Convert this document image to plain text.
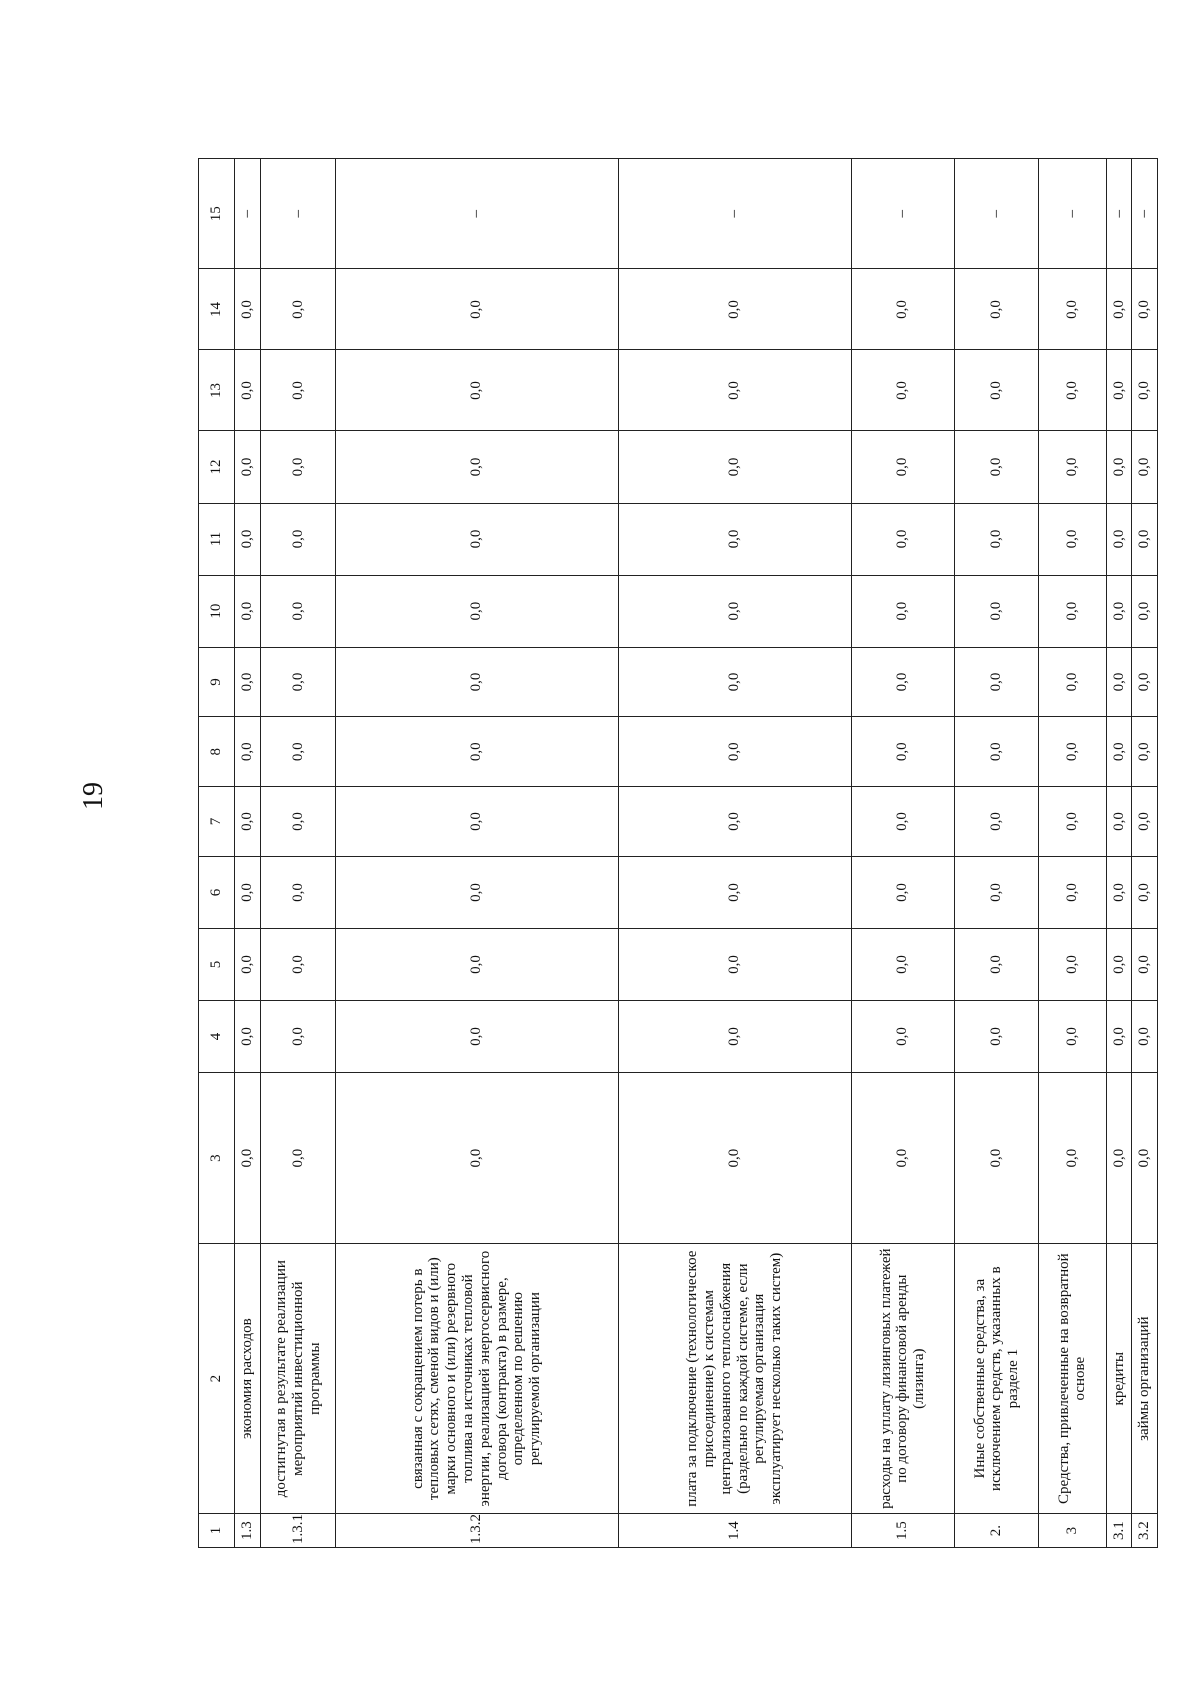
19
1	2	3	4	5	6	7	8	9	10	11	12	13	14	15
1.3	экономия расходов	0,0	0,0	0,0	0,0	0,0	0,0	0,0	0,0	0,0	0,0	0,0	0,0	–
1.3.1	достигнутая в результате реализации мероприятий инвестиционной программы	0,0	0,0	0,0	0,0	0,0	0,0	0,0	0,0	0,0	0,0	0,0	0,0	–
1.3.2	связанная с сокращением потерь в тепловых сетях, сменой видов и (или) марки основного и (или) резервного топлива на источниках тепловой энергии, реализацией энергосервисного договора (контракта) в размере, определенном по решению регулируемой организации	0,0	0,0	0,0	0,0	0,0	0,0	0,0	0,0	0,0	0,0	0,0	0,0	–
1.4	плата за подключение (технологическое присоединение) к системам централизованного теплоснабжения (раздельно по каждой системе, если регулируемая организация эксплуатирует несколько таких систем)	0,0	0,0	0,0	0,0	0,0	0,0	0,0	0,0	0,0	0,0	0,0	0,0	–
1.5	расходы на уплату лизинговых платежей по договору финансовой аренды (лизинга)	0,0	0,0	0,0	0,0	0,0	0,0	0,0	0,0	0,0	0,0	0,0	0,0	–
2.	Иные собственные средства, за исключением средств, указанных в разделе 1	0,0	0,0	0,0	0,0	0,0	0,0	0,0	0,0	0,0	0,0	0,0	0,0	–
3	Средства, привлеченные на возвратной основе	0,0	0,0	0,0	0,0	0,0	0,0	0,0	0,0	0,0	0,0	0,0	0,0	–
3.1	кредиты	0,0	0,0	0,0	0,0	0,0	0,0	0,0	0,0	0,0	0,0	0,0	0,0	–
3.2	займы организаций	0,0	0,0	0,0	0,0	0,0	0,0	0,0	0,0	0,0	0,0	0,0	0,0	–
